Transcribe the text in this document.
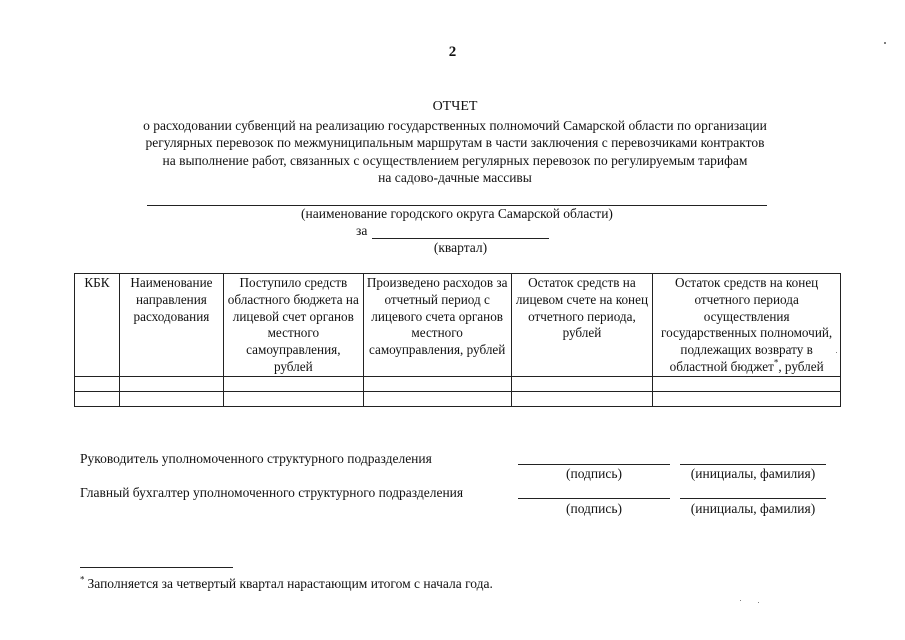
2
ОТЧЕТ
о расходовании субвенций на реализацию государственных полномочий Самарской области по организации
регулярных перевозок по межмуниципальным маршрутам в части заключения с перевозчиками контрактов
на выполнение работ, связанных с осуществлением регулярных перевозок по регулируемым тарифам
на садово-дачные массивы
(наименование городского округа Самарской области)
за
(квартал)
КБК	Наименование направления расходования	Поступило средств областного бюджета на лицевой счет органов местного самоуправления, рублей	Произведено расходов за отчетный период с лицевого счета органов местного самоуправления, рублей	Остаток средств на лицевом счете на конец отчетного периода, рублей	Остаток средств на конец отчетного периода осуществления государственных полномочий, подлежащих возврату в областной бюджет*, рублей

Руководитель уполномоченного структурного подразделения
(подпись)	(инициалы, фамилия)
Главный бухгалтер уполномоченного структурного подразделения
(подпись)	(инициалы, фамилия)
* Заполняется за четвертый квартал нарастающим итогом с начала года.
